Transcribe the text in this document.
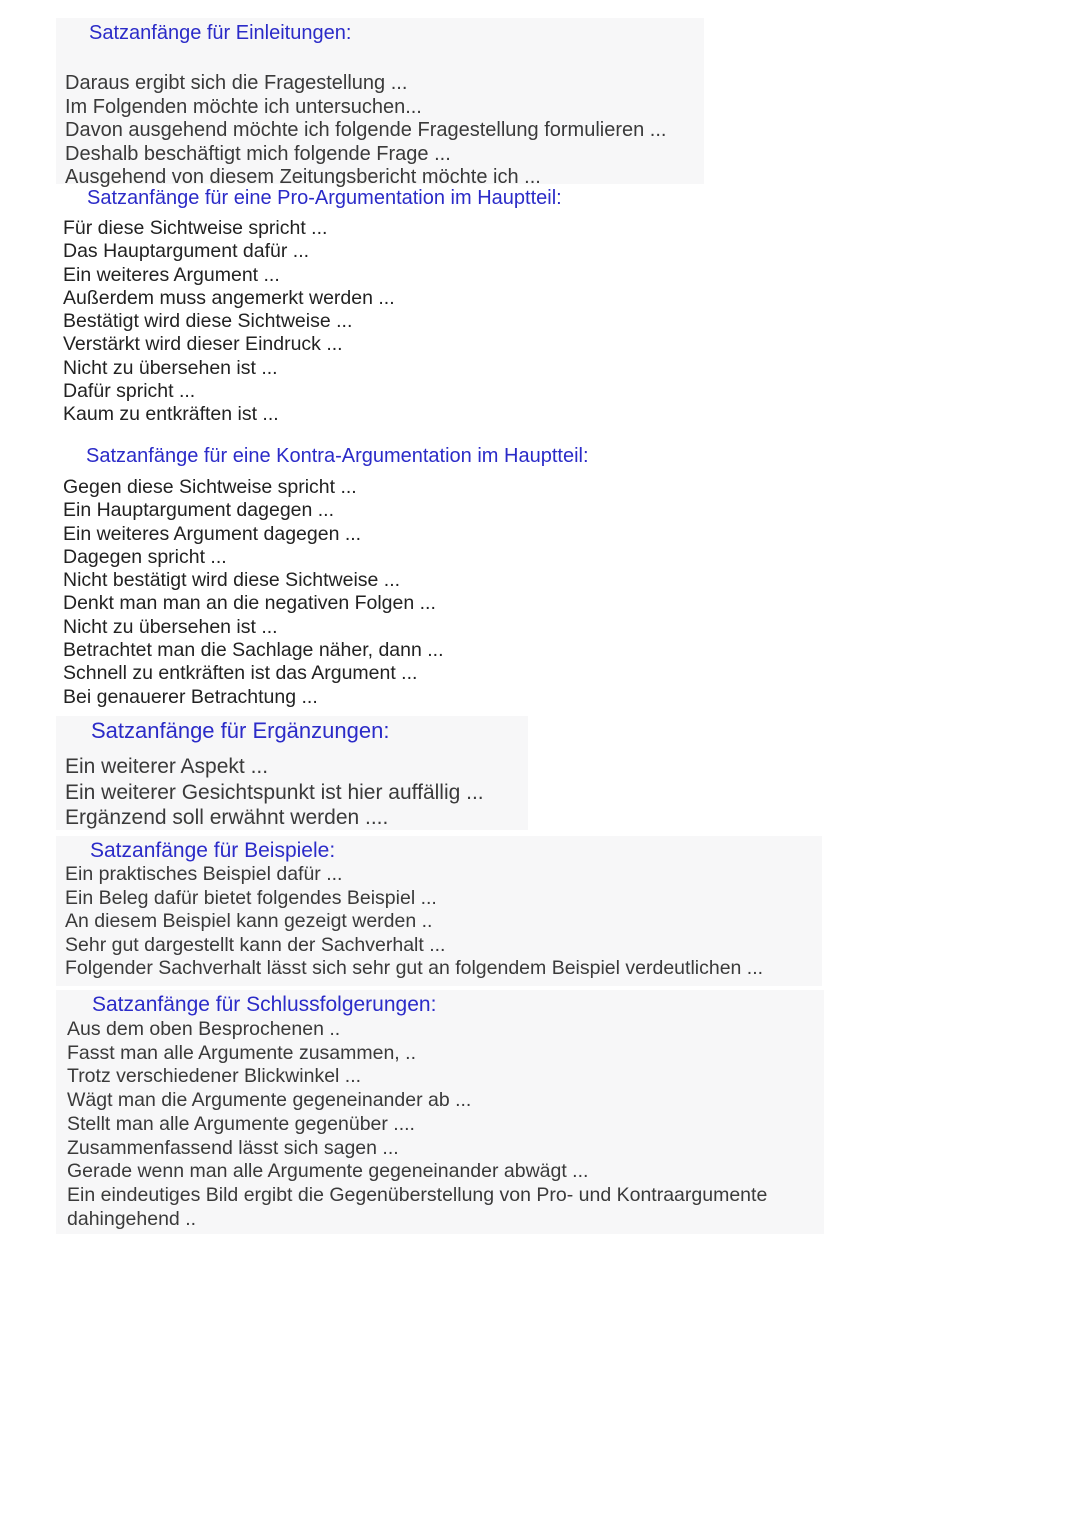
Satzanfänge für Einleitungen:
Daraus ergibt sich die Fragestellung ...
Im Folgenden möchte ich untersuchen...
Davon ausgehend möchte ich folgende Fragestellung formulieren ...
Deshalb beschäftigt mich folgende Frage ...
Ausgehend von diesem Zeitungsbericht möchte ich ...
Satzanfänge für eine Pro-Argumentation im Hauptteil:
Für diese Sichtweise spricht ...
Das Hauptargument dafür ...
Ein weiteres Argument ...
Außerdem muss angemerkt werden ...
Bestätigt wird diese Sichtweise ...
Verstärkt wird dieser Eindruck ...
Nicht zu übersehen ist ...
Dafür spricht ...
Kaum zu entkräften ist ...
Satzanfänge für eine Kontra-Argumentation im Hauptteil:
Gegen diese Sichtweise spricht ...
Ein Hauptargument dagegen ...
Ein weiteres Argument dagegen ...
Dagegen spricht ...
Nicht bestätigt wird diese Sichtweise ...
Denkt man man an die negativen Folgen ...
Nicht zu übersehen ist ...
Betrachtet man die Sachlage näher, dann ...
Schnell zu entkräften ist das Argument ...
Bei genauerer Betrachtung ...
Satzanfänge für Ergänzungen:
Ein weiterer Aspekt ...
Ein weiterer Gesichtspunkt ist hier auffällig ...
Ergänzend soll erwähnt werden ....
Satzanfänge für Beispiele:
Ein praktisches Beispiel dafür ...
Ein Beleg dafür bietet folgendes Beispiel ...
An diesem Beispiel kann gezeigt werden ..
Sehr gut dargestellt kann der Sachverhalt ...
Folgender Sachverhalt lässt sich sehr gut an folgendem Beispiel verdeutlichen ...
Satzanfänge für Schlussfolgerungen:
Aus dem oben Besprochenen ..
Fasst man alle Argumente zusammen, ..
Trotz verschiedener Blickwinkel ...
Wägt man die Argumente gegeneinander ab ...
Stellt man alle Argumente gegenüber ....
Zusammenfassend lässt sich sagen ...
Gerade wenn man alle Argumente gegeneinander abwägt ...
Ein eindeutiges Bild ergibt die Gegenüberstellung von Pro- und Kontraargumente
dahingehend ..
